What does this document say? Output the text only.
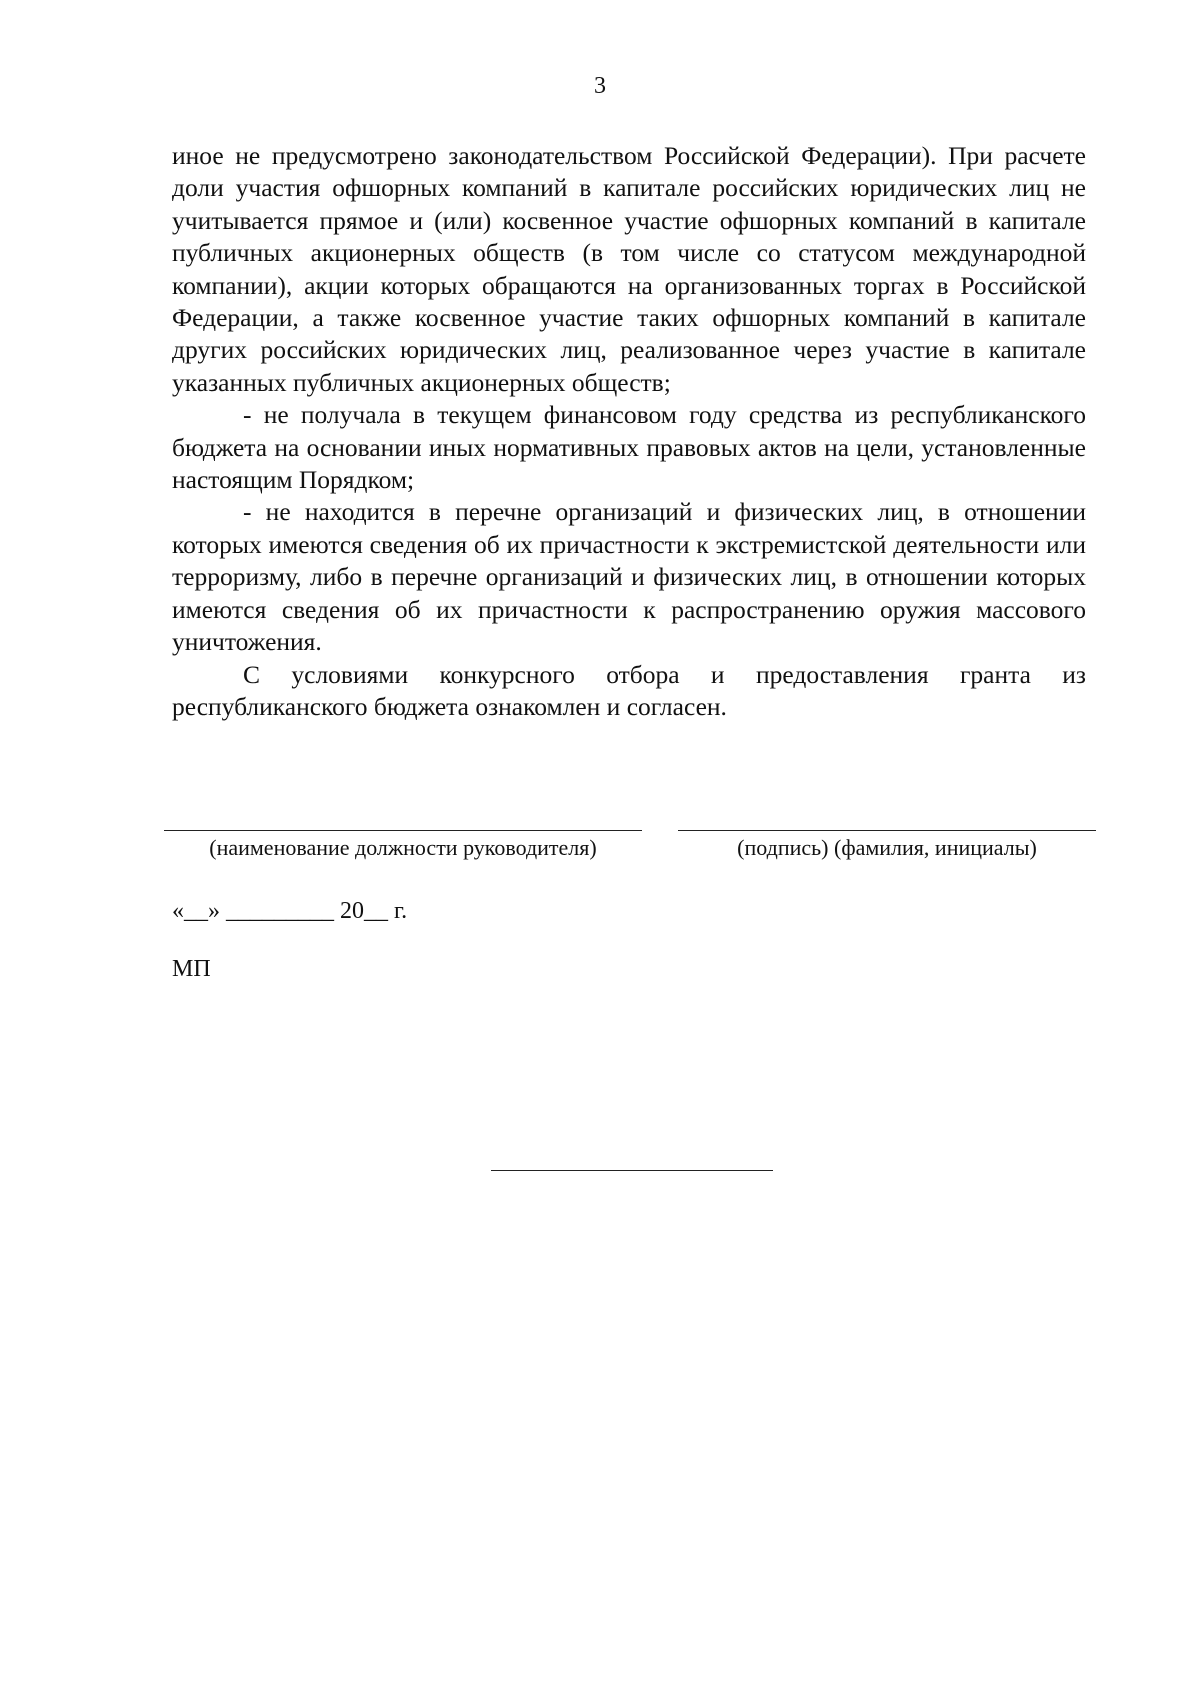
3

иное не предусмотрено законодательством Российской Федерации). При расчете доли участия офшорных компаний в капитале российских юридических лиц не учитывается прямое и (или) косвенное участие офшорных компаний в капитале публичных акционерных обществ (в том числе со статусом международной компании), акции которых обращаются на организованных торгах в Российской Федерации, а также косвенное участие таких офшорных компаний в капитале других российских юридических лиц, реализованное через участие в капитале указанных публичных акционерных обществ;

- не получала в текущем финансовом году средства из республиканского бюджета на основании иных нормативных правовых актов на цели, установленные настоящим Порядком;

- не находится в перечне организаций и физических лиц, в отношении которых имеются сведения об их причастности к экстремистской деятельности или терроризму, либо в перечне организаций и физических лиц, в отношении которых имеются сведения об их причастности к распространению оружия массового уничтожения.

С условиями конкурсного отбора и предоставления гранта из республиканского бюджета ознакомлен и согласен.

(наименование должности руководителя)	(подпись) (фамилия, инициалы)
«__» _________ 20__ г.
МП
